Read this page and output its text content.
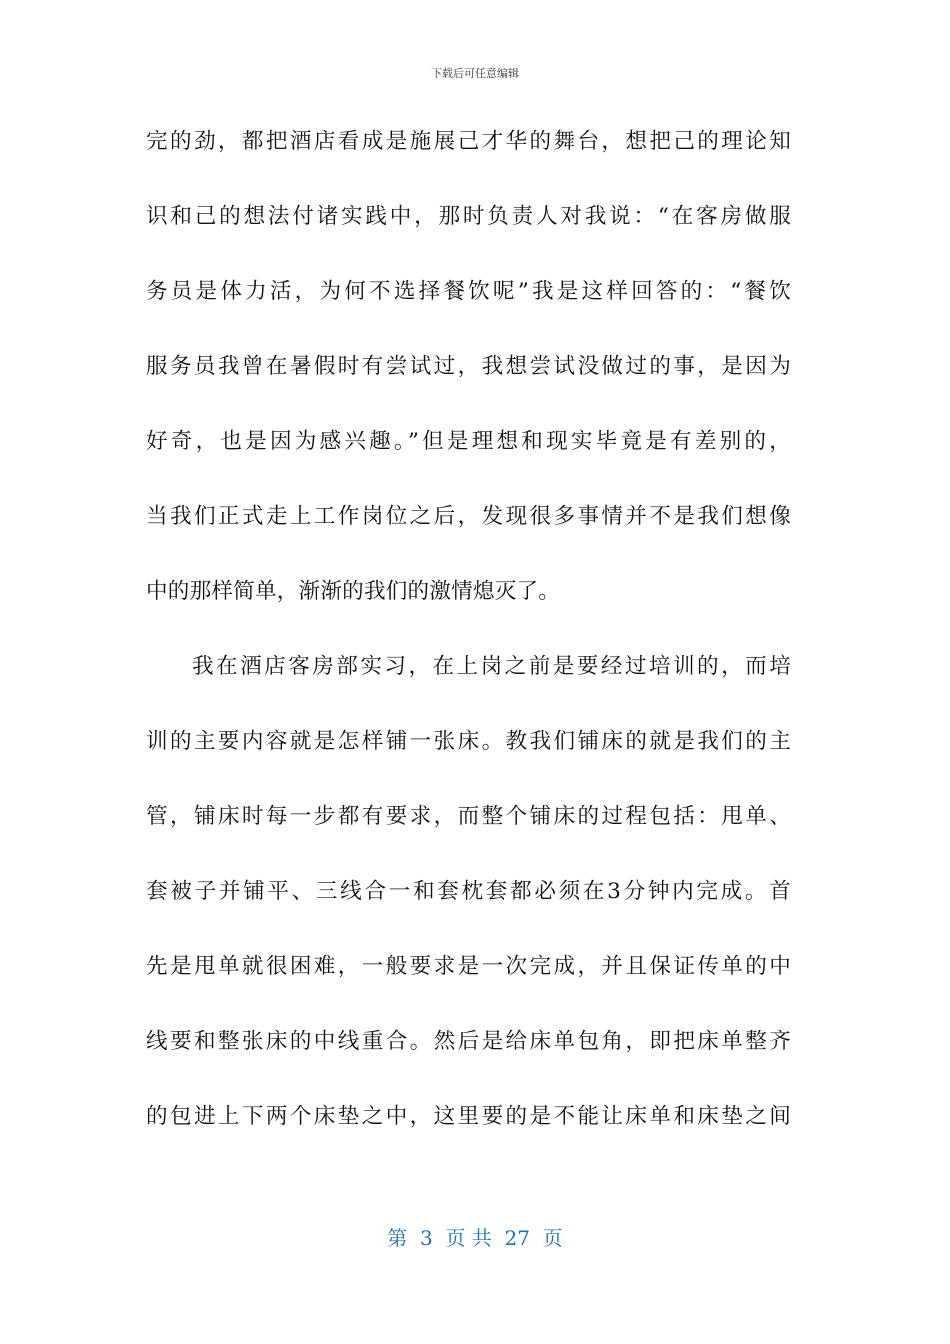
下载后可任意编辑
完的劲，都把酒店看成是施展己才华的舞台，想把己的理论知
识和己的想法付诸实践中，那时负责人对我说：“在客房做服
务员是体力活，为何不选择餐饮呢”我是这样回答的：“餐饮
服务员我曾在暑假时有尝试过，我想尝试没做过的事，是因为
好奇，也是因为感兴趣。”但是理想和现实毕竟是有差别的，
当我们正式走上工作岗位之后，发现很多事情并不是我们想像
中的那样简单，渐渐的我们的激情熄灭了。
我在酒店客房部实习，在上岗之前是要经过培训的，而培
训的主要内容就是怎样铺一张床。教我们铺床的就是我们的主
管，铺床时每一步都有要求，而整个铺床的过程包括：甩单、
套被子并铺平、三线合一和套枕套都必须在3分钟内完成。首
先是甩单就很困难，一般要求是一次完成，并且保证传单的中
线要和整张床的中线重合。然后是给床单包角，即把床单整齐
的包进上下两个床垫之中，这里要的是不能让床单和床垫之间
第  3  页 共  27  页
